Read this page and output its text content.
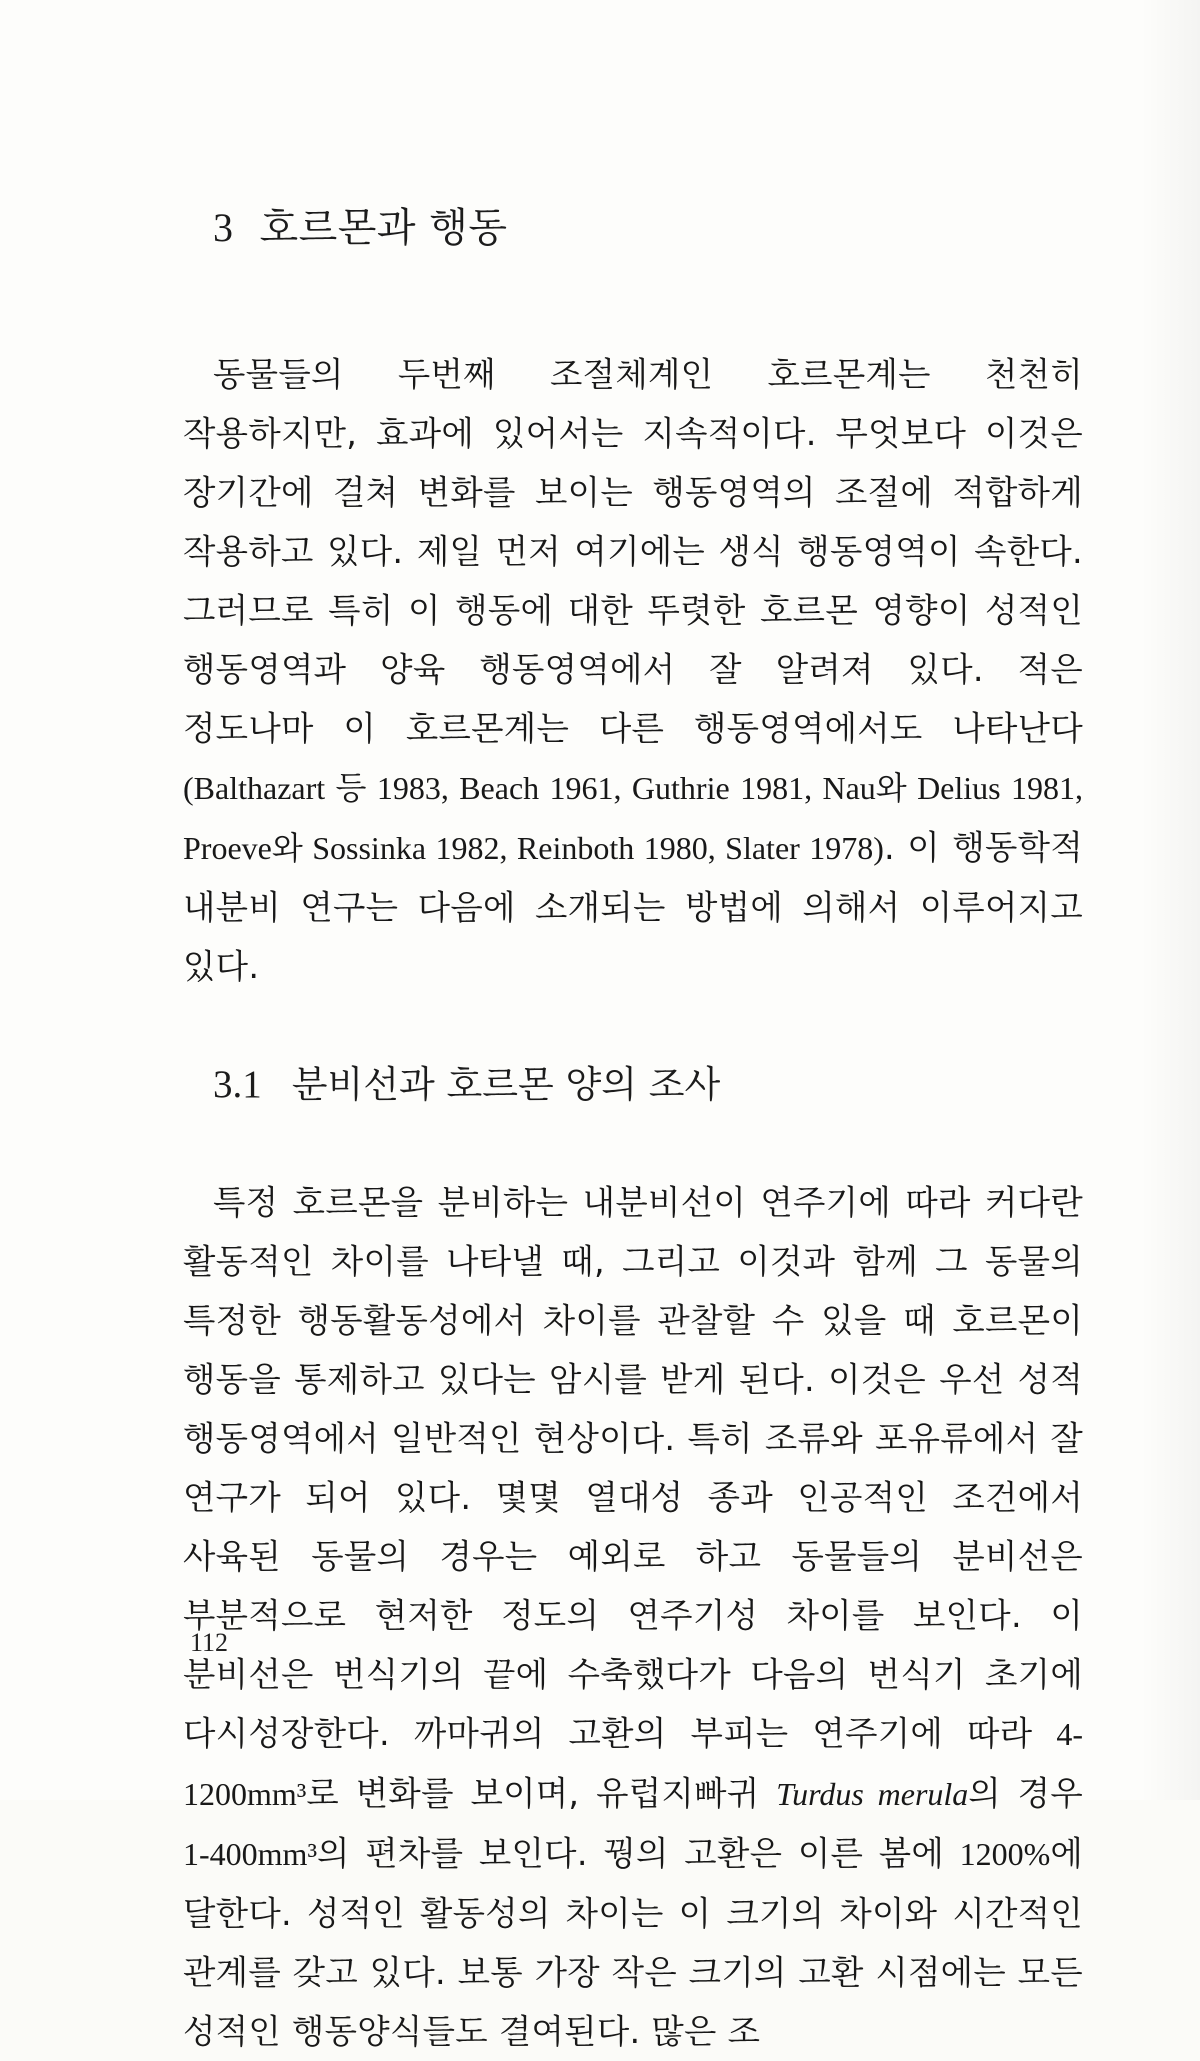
3 호르몬과 행동

동물들의 두번째 조절체계인 호르몬계는 천천히 작용하지만, 효과에 있어서는 지속적이다. 무엇보다 이것은 장기간에 걸쳐 변화를 보이는 행동영역의 조절에 적합하게 작용하고 있다. 제일 먼저 여기에는 생식 행동영역이 속한다. 그러므로 특히 이 행동에 대한 뚜렷한 호르몬 영향이 성적인 행동영역과 양육 행동영역에서 잘 알려져 있다. 적은 정도나마 이 호르몬계는 다른 행동영역에서도 나타난다(Balthazart 등 1983, Beach 1961, Guthrie 1981, Nau와 Delius 1981, Proeve와 Sossinka 1982, Reinboth 1980, Slater 1978). 이 행동학적 내분비 연구는 다음에 소개되는 방법에 의해서 이루어지고 있다.

3.1 분비선과 호르몬 양의 조사

특정 호르몬을 분비하는 내분비선이 연주기에 따라 커다란 활동적인 차이를 나타낼 때, 그리고 이것과 함께 그 동물의 특정한 행동활동성에서 차이를 관찰할 수 있을 때 호르몬이 행동을 통제하고 있다는 암시를 받게 된다. 이것은 우선 성적 행동영역에서 일반적인 현상이다. 특히 조류와 포유류에서 잘 연구가 되어 있다. 몇몇 열대성 종과 인공적인 조건에서 사육된 동물의 경우는 예외로 하고 동물들의 분비선은 부분적으로 현저한 정도의 연주기성 차이를 보인다. 이 분비선은 번식기의 끝에 수축했다가 다음의 번식기 초기에 다시성장한다. 까마귀의 고환의 부피는 연주기에 따라 4-1200mm³로 변화를 보이며, 유럽지빠귀 Turdus merula의 경우 1-400mm³의 편차를 보인다. 꿩의 고환은 이른 봄에 1200%에 달한다. 성적인 활동성의 차이는 이 크기의 차이와 시간적인 관계를 갖고 있다. 보통 가장 작은 크기의 고환 시점에는 모든 성적인 행동양식들도 결여된다. 많은 조

112
